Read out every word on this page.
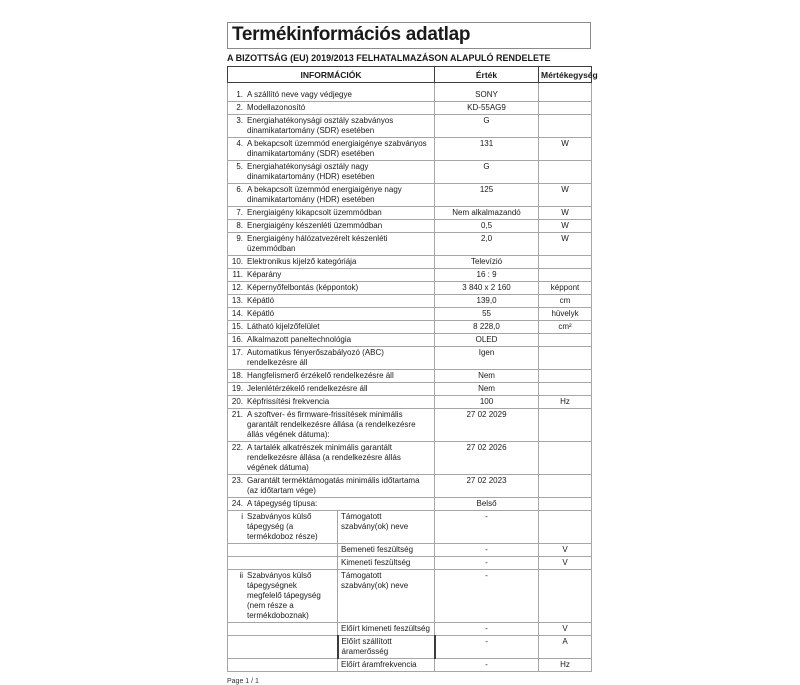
Termékinformációs adatlap
A BIZOTTSÁG (EU) 2019/2013 FELHATALMAZÁSON ALAPULÓ RENDELETE
INFORMÁCIÓK		Érték	Mértékegység

1. A szállító neve vagy védjegye		SONY	
2. Modellazonosító		KD-55AG9	
3. Energiahatékonysági osztály szabványos dinamikatartomány (SDR) esetében		G	
4. A bekapcsolt üzemmód energiaigénye szabványos dinamikatartomány (SDR) esetében		131	W
5. Energiahatékonysági osztály nagy dinamikatartomány (HDR) esetében		G	
6. A bekapcsolt üzemmód energiaigénye nagy dinamikatartomány (HDR) esetében		125	W
7. Energiaigény kikapcsolt üzemmódban		Nem alkalmazandó	W
8. Energiaigény készenléti üzemmódban		0,5	W
9. Energiaigény hálózatvezérelt készenléti üzemmódban		2,0	W
10. Elektronikus kijelző kategóriája		Televízió	
11. Képarány		16 : 9	
12. Képernyőfelbontás (képpontok)		3 840 x 2 160	képpont
13. Képátló		139,0	cm
14. Képátló		55	hüvelyk
15. Látható kijelzőfelület		8 228,0	cm²
16. Alkalmazott paneltechnológia		OLED	
17. Automatikus fényerőszabályozó (ABC) rendelkezésre áll		Igen	
18. Hangfelismerő érzékelő rendelkezésre áll		Nem	
19. Jelenlétérzékelő rendelkezésre áll		Nem	
20. Képfrissítési frekvencia		100	Hz
21. A szoftver- és firmware-frissítések minimális garantált rendelkezésre állása (a rendelkezésre állás végének dátuma):		27 02 2029	
22. A tartalék alkatrészek minimális garantált rendelkezésre állása (a rendelkezésre állás végének dátuma)		27 02 2026	
23. Garantált terméktámogatás minimális időtartama (az időtartam vége)		27 02 2023	
24. A tápegység típusa:		Belső	
i Szabványos külső tápegység (a termékdoboz része)	Támogatott szabvány(ok) neve	-	
	Bemeneti feszültség	-	V
	Kimeneti feszültség	-	V
ii Szabványos külső tápegységnek megfelelő tápegység (nem része a termékdoboznak)	Támogatott szabvány(ok) neve	-	
	Előírt kimeneti feszültség	-	V
	Előírt szállított áramerősség	-	A
	Előírt áramfrekvencia	-	Hz
Page 1 / 1
